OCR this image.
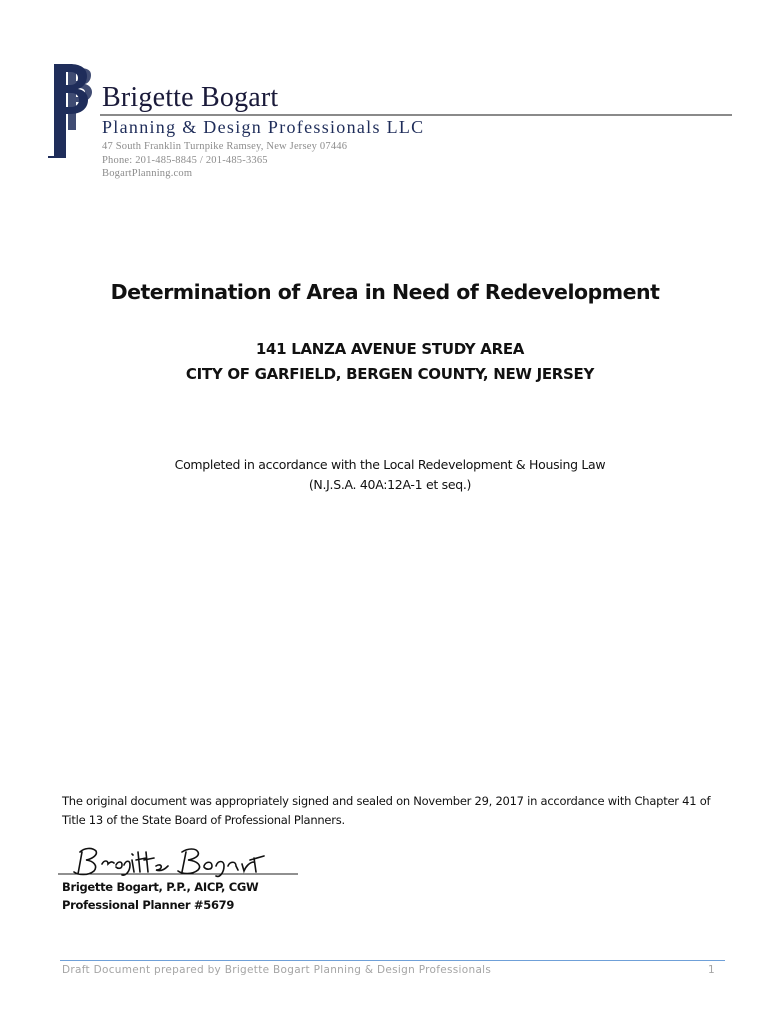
Brigette Bogart
Planning & Design Professionals LLC
47 South Franklin Turnpike Ramsey, New Jersey 07446
Phone: 201-485-8845 / 201-485-3365
BogartPlanning.com
Determination of Area in Need of Redevelopment
141 LANZA AVENUE STUDY AREA
CITY OF GARFIELD, BERGEN COUNTY, NEW JERSEY
Completed in accordance with the Local Redevelopment & Housing Law
(N.J.S.A. 40A:12A-1 et seq.)
The original document was appropriately signed and sealed on November 29, 2017 in accordance with Chapter 41 of Title 13 of the State Board of Professional Planners.
Brigette Bogart, P.P., AICP, CGW
Professional Planner #5679
Draft Document prepared by Brigette Bogart Planning & Design Professionals	1
